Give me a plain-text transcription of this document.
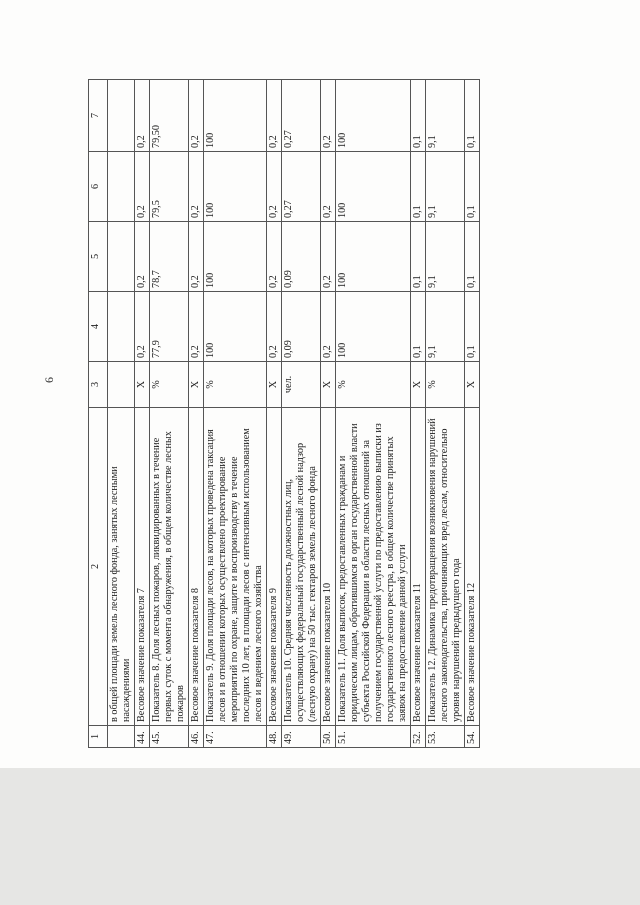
6
1	2	3	4	5	6	7
	в общей площади земель лесного фонда, занятых лесными насаждениями					
44.	Весовое значение показателя 7	X	0,2	0,2	0,2	0,2
45.	Показатель 8. Доля лесных пожаров, ликвидированных в течение первых суток с момента обнаружения, в общем количестве лесных пожаров	%	77,9	78,7	79,5	79,50
46.	Весовое значение показателя 8	X	0,2	0,2	0,2	0,2
47.	Показатель 9. Доля площади лесов, на которых проведена таксация лесов и в отношении которых осуществлено проектирование мероприятий по охране, защите и воспроизводству в течение последних 10 лет, в площади лесов с интенсивным использованием лесов и ведением лесного хозяйства	%	100	100	100	100
48.	Весовое значение показателя 9	X	0,2	0,2	0,2	0,2
49.	Показатель 10. Средняя численность должностных лиц, осуществляющих федеральный государственный лесной надзор (лесную охрану) на 50 тыс. гектаров земель лесного фонда	чел.	0,09	0,09	0,27	0,27
50.	Весовое значение показателя 10	X	0,2	0,2	0,2	0,2
51.	Показатель 11. Доля выписок, предоставленных гражданам и юридическим лицам, обратившимся в орган государственной власти субъекта Российской Федерации в области лесных отношений за получением государственной услуги по предоставлению выписки из государственного лесного реестра, в общем количестве принятых заявок на предоставление данной услуги	%	100	100	100	100
52.	Весовое значение показателя 11	X	0,1	0,1	0,1	0,1
53.	Показатель 12. Динамика предотвращения возникновения нарушений лесного законодательства, причиняющих вред лесам, относительно уровня нарушений предыдущего года	%	9,1	9,1	9,1	9,1
54.	Весовое значение показателя 12	X	0,1	0,1	0,1	0,1
